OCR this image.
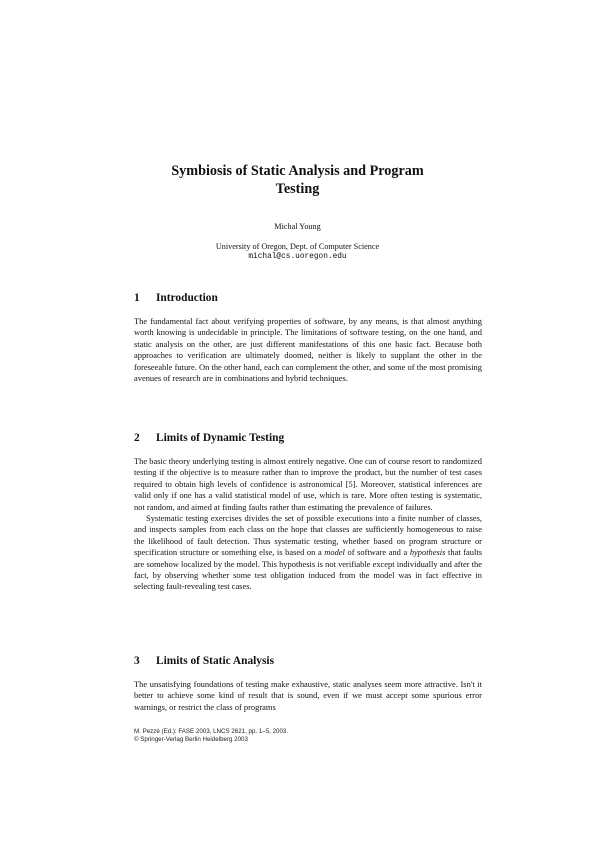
Symbiosis of Static Analysis and Program
Testing
Michal Young
University of Oregon, Dept. of Computer Science
michal@cs.uoregon.edu
1 Introduction

The fundamental fact about verifying properties of software, by any means, is that almost anything worth knowing is undecidable in principle. The limitations of software testing, on the one hand, and static analysis on the other, are just different manifestations of this one basic fact. Because both approaches to verification are ultimately doomed, neither is likely to supplant the other in the foreseeable future. On the other hand, each can complement the other, and some of the most promising avenues of research are in combinations and hybrid techniques.

2 Limits of Dynamic Testing

The basic theory underlying testing is almost entirely negative. One can of course resort to randomized testing if the objective is to measure rather than to improve the product, but the number of test cases required to obtain high levels of confidence is astronomical [5]. Moreover, statistical inferences are valid only if one has a valid statistical model of use, which is rare. More often testing is systematic, not random, and aimed at finding faults rather than estimating the prevalence of failures.

Systematic testing exercises divides the set of possible executions into a finite number of classes, and inspects samples from each class on the hope that classes are sufficiently homogeneous to raise the likelihood of fault detection. Thus systematic testing, whether based on program structure or specification structure or something else, is based on a model of software and a hypothesis that faults are somehow localized by the model. This hypothesis is not verifiable except individually and after the fact, by observing whether some test obligation induced from the model was in fact effective in selecting fault-revealing test cases.

3 Limits of Static Analysis

The unsatisfying foundations of testing make exhaustive, static analyses seem more attractive. Isn't it better to achieve some kind of result that is sound, even if we must accept some spurious error warnings, or restrict the class of programs

M. Pezzè (Ed.): FASE 2003, LNCS 2621, pp. 1–5, 2003.
© Springer-Verlag Berlin Heidelberg 2003
